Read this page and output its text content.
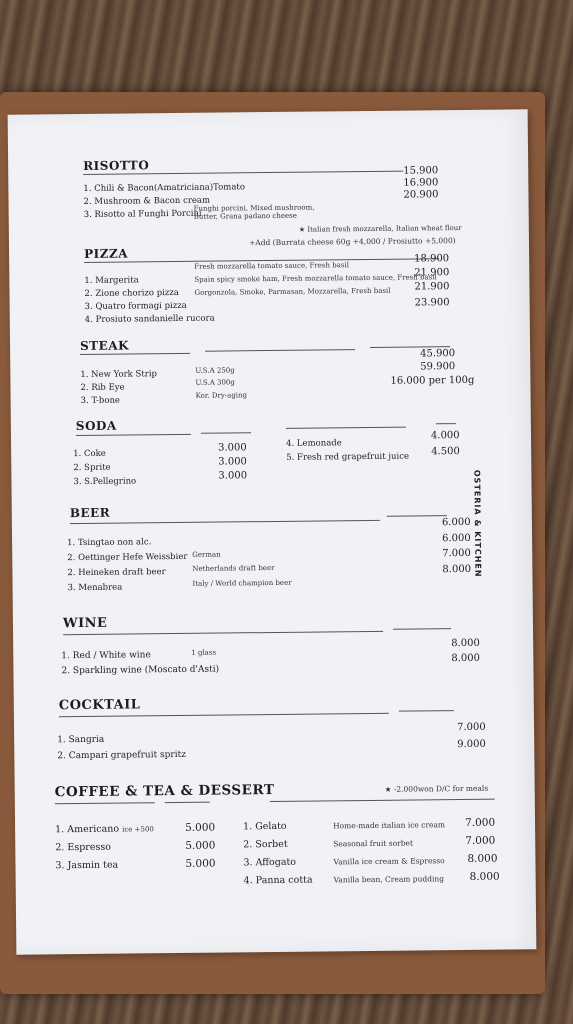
OSTERIA & KITCHEN
RISOTTO
1. Chili & Bacon(Amatriciana)Tomato
2. Mushroom & Bacon cream
3. Risotto al Funghi Porcini
Funghi porcini, Mixed mushroom, Butter, Grana padano cheese
15.900
16.900
20.900
★ Italian fresh mozzarella, Italian wheat flour
+Add (Burrata cheese 60g +4,000 / Prosiutto +5,000)
PIZZA
1. Margerita
2. Zione chorizo pizza
3. Quatro formagi pizza
4. Prosiuto sandanielle rucora
Fresh mozzarella tomato sauce, Fresh basil
Spain spicy smoke ham, Fresh mozzarella tomato sauce, Fresh basil
Gorgonzola, Smoke, Parmasan, Mozzarella, Fresh basil
18.900
21.900
21.900
23.900
STEAK
1. New York Strip
2. Rib Eye
3. T-bone
U.S.A 250g
U.S.A 300g
Kor. Dry-aging
45.900
59.900
16.000 per 100g
SODA
1. Coke
2. Sprite
3. S.Pellegrino
3.000
3.000
3.000
4. Lemonade
5. Fresh red grapefruit juice
4.000
4.500
BEER
1. Tsingtao non alc.
2. Oettinger Hefe Weissbier
2. Heineken draft beer
3. Menabrea
German
Netherlands draft beer
Italy / World champion beer
6.000
6.000
7.000
8.000
WINE
1. Red / White wine
2. Sparkling wine (Moscato d'Asti)
1 glass
8.000
8.000
COCKTAIL
1. Sangria
2. Campari grapefruit spritz
7.000
9.000
COFFEE & TEA & DESSERT	★ -2.000won D/C for meals
1. Americano ice +500
2. Espresso
3. Jasmin tea
5.000
5.000
5.000
1. Gelato
2. Sorbet
3. Affogato
4. Panna cotta
Home-made italian ice cream
Seasonal fruit sorbet
Vanilla ice cream & Espresso
Vanilla bean, Cream pudding
7.000
7.000
8.000
8.000
